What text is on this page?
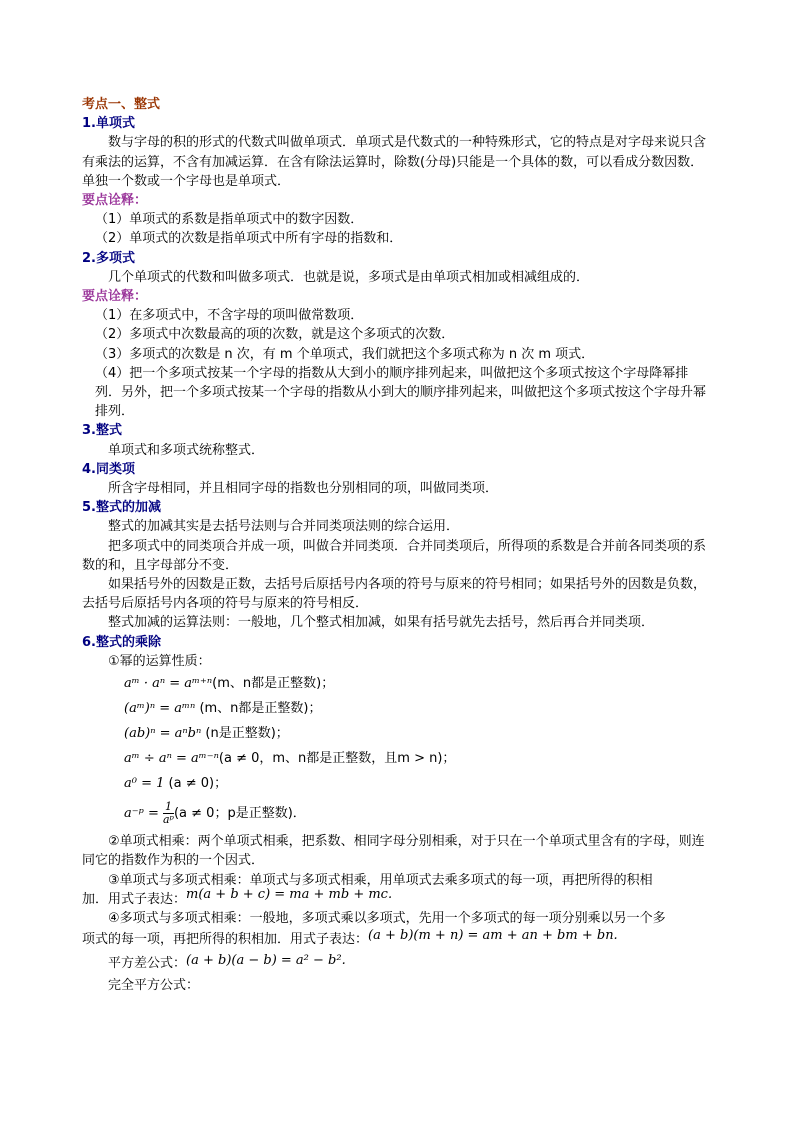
考点一、整式

1.单项式

数与字母的积的形式的代数式叫做单项式．单项式是代数式的一种特殊形式，它的特点是对字母来说只含有乘法的运算，不含有加减运算．在含有除法运算时，除数(分母)只能是一个具体的数，可以看成分数因数．单独一个数或一个字母也是单项式．

要点诠释：

（1）单项式的系数是指单项式中的数字因数．

（2）单项式的次数是指单项式中所有字母的指数和．

2.多项式

几个单项式的代数和叫做多项式．也就是说，多项式是由单项式相加或相减组成的．

要点诠释：

（1）在多项式中，不含字母的项叫做常数项．

（2）多项式中次数最高的项的次数，就是这个多项式的次数．

（3）多项式的次数是 n 次，有 m 个单项式，我们就把这个多项式称为 n 次 m 项式．

（4）把一个多项式按某一个字母的指数从大到小的顺序排列起来，叫做把这个多项式按这个字母降幂排列．另外，把一个多项式按某一个字母的指数从小到大的顺序排列起来，叫做把这个多项式按这个字母升幂排列．

3.整式

单项式和多项式统称整式．

4.同类项

所含字母相同，并且相同字母的指数也分别相同的项，叫做同类项．

5.整式的加减

整式的加减其实是去括号法则与合并同类项法则的综合运用．

把多项式中的同类项合并成一项，叫做合并同类项．合并同类项后，所得项的系数是合并前各同类项的系数的和，且字母部分不变．

如果括号外的因数是正数，去括号后原括号内各项的符号与原来的符号相同；如果括号外的因数是负数，去括号后原括号内各项的符号与原来的符号相反．

整式加减的运算法则：一般地，几个整式相加减，如果有括号就先去括号，然后再合并同类项．

6.整式的乘除

①幂的运算性质：

aᵐ · aⁿ = aᵐ⁺ⁿ(m、n都是正整数)；

(aᵐ)ⁿ = aᵐⁿ (m、n都是正整数)；

(ab)ⁿ = aⁿbⁿ (n是正整数)；

aᵐ ÷ aⁿ = aᵐ⁻ⁿ(a ≠ 0，m、n都是正整数，且m > n)；

a⁰ = 1 (a ≠ 0)；

a⁻ᵖ = $\frac{1}{\text{aᵖ}} (a \ne 0$；p是正整数)．

②单项式相乘：两个单项式相乘，把系数、相同字母分别相乘，对于只在一个单项式里含有的字母，则连同它的指数作为积的一个因式．

③单项式与多项式相乘：单项式与多项式相乘，用单项式去乘多项式的每一项，再把所得的积相

加．用式子表达：m(a + b + c) = ma + mb + mc.

④多项式与多项式相乘：一般地，多项式乘以多项式，先用一个多项式的每一项分别乘以另一个多

项式的每一项，再把所得的积相加．用式子表达：(a + b)(m + n) = am + an + bm + bn.

平方差公式：(a + b)(a − b) = a² − b².

完全平方公式：
